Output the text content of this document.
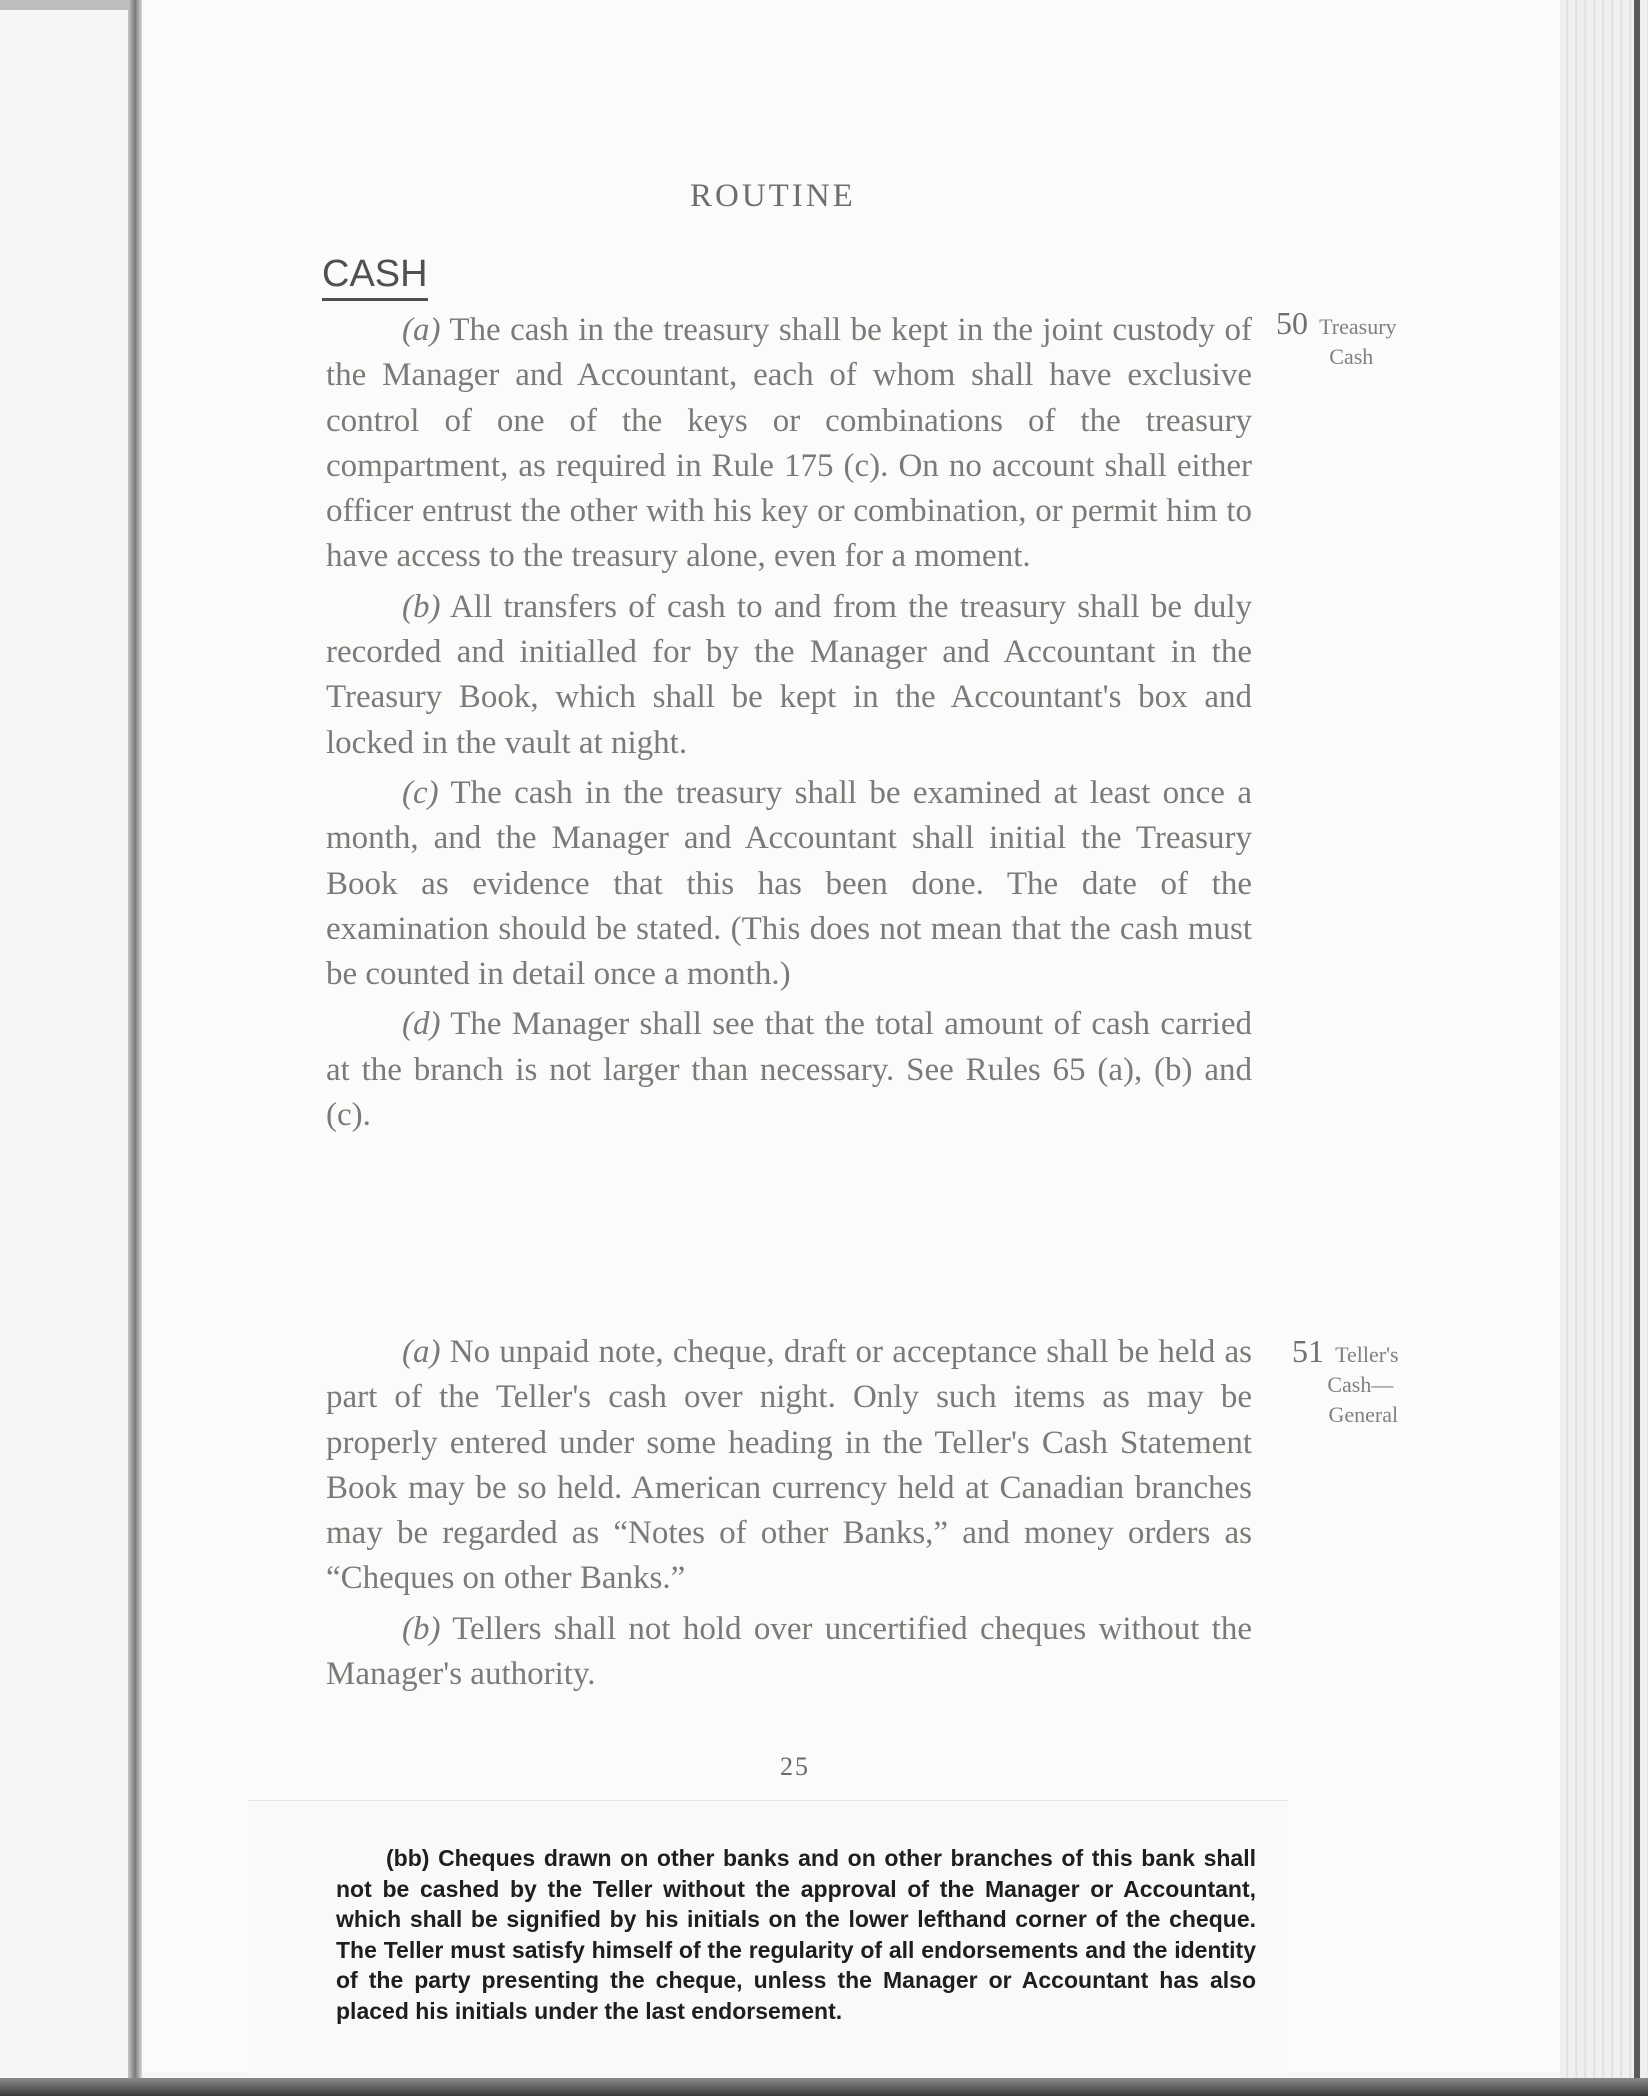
ROUTINE
CASH

(a) The cash in the treasury shall be kept in the joint custody of the Manager and Accountant, each of whom shall have exclusive control of one of the keys or combinations of the treasury compartment, as required in Rule 175 (c). On no account shall either officer entrust the other with his key or combination, or permit him to have access to the treasury alone, even for a moment.

(b) All transfers of cash to and from the treasury shall be duly recorded and initialled for by the Manager and Accountant in the Treasury Book, which shall be kept in the Accountant's box and locked in the vault at night.

(c) The cash in the treasury shall be examined at least once a month, and the Manager and Accountant shall initial the Treasury Book as evidence that this has been done. The date of the examination should be stated. (This does not mean that the cash must be counted in detail once a month.)

(d) The Manager shall see that the total amount of cash carried at the branch is not larger than necessary. See Rules 65 (a), (b) and (c).

(a) No unpaid note, cheque, draft or acceptance shall be held as part of the Teller's cash over night. Only such items as may be properly entered under some heading in the Teller's Cash Statement Book may be so held. American currency held at Canadian branches may be regarded as “Notes of other Banks,” and money orders as “Cheques on other Banks.”

(b) Tellers shall not hold over uncertified cheques without the Manager's authority.

50 Treasury
Cash
51 Teller's
Cash—
General
25
(bb) Cheques drawn on other banks and on other branches of this bank shall not be cashed by the Teller without the approval of the Manager or Accountant, which shall be signified by his initials on the lower lefthand corner of the cheque. The Teller must satisfy himself of the regularity of all endorsements and the identity of the party presenting the cheque, unless the Manager or Accountant has also placed his initials under the last endorsement.
